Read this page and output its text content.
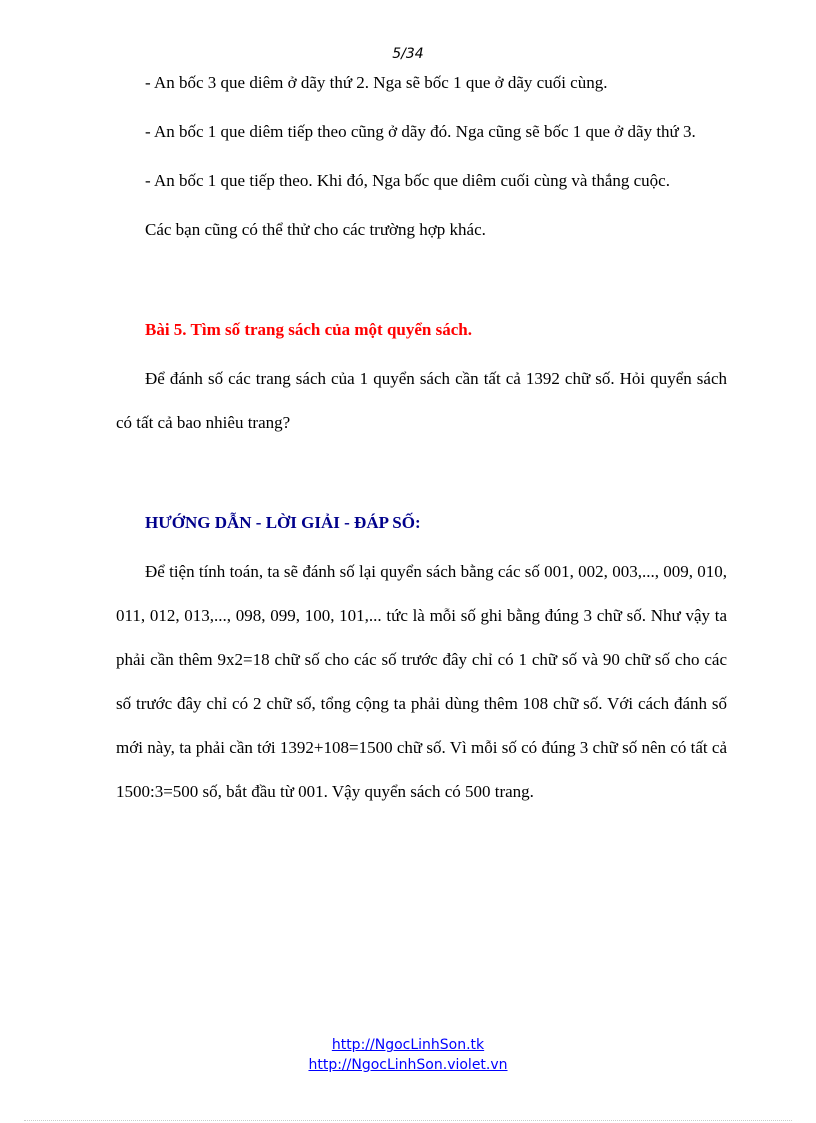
5/34

- An bốc 3 que diêm ở dãy thứ 2. Nga sẽ bốc 1 que ở dãy cuối cùng.

- An bốc 1 que diêm tiếp theo cũng ở dãy đó. Nga cũng sẽ bốc 1 que ở dãy thứ 3.

- An bốc 1 que tiếp theo. Khi đó, Nga bốc que diêm cuối cùng và thắng cuộc.

Các bạn cũng có thể thử cho các trường hợp khác.

Bài 5. Tìm số trang sách của một quyển sách.

Để đánh số các trang sách của 1 quyển sách cần tất cả 1392 chữ số. Hỏi quyển sách có tất cả bao nhiêu trang?

HƯỚNG DẪN - LỜI GIẢI - ĐÁP SỐ:

Để tiện tính toán, ta sẽ đánh số lại quyển sách bằng các số 001, 002, 003,..., 009, 010, 011, 012, 013,..., 098, 099, 100, 101,... tức là mỗi số ghi bằng đúng 3 chữ số. Như vậy ta phải cần thêm 9x2=18 chữ số cho các số trước đây chỉ có 1 chữ số và 90 chữ số cho các số trước đây chỉ có 2 chữ số, tổng cộng ta phải dùng thêm 108 chữ số. Với cách đánh số mới này, ta phải cần tới 1392+108=1500 chữ số. Vì mỗi số có đúng 3 chữ số nên có tất cả 1500:3=500 số, bắt đầu từ 001. Vậy quyển sách có 500 trang.

http://NgocLinhSon.tk
http://NgocLinhSon.violet.vn
